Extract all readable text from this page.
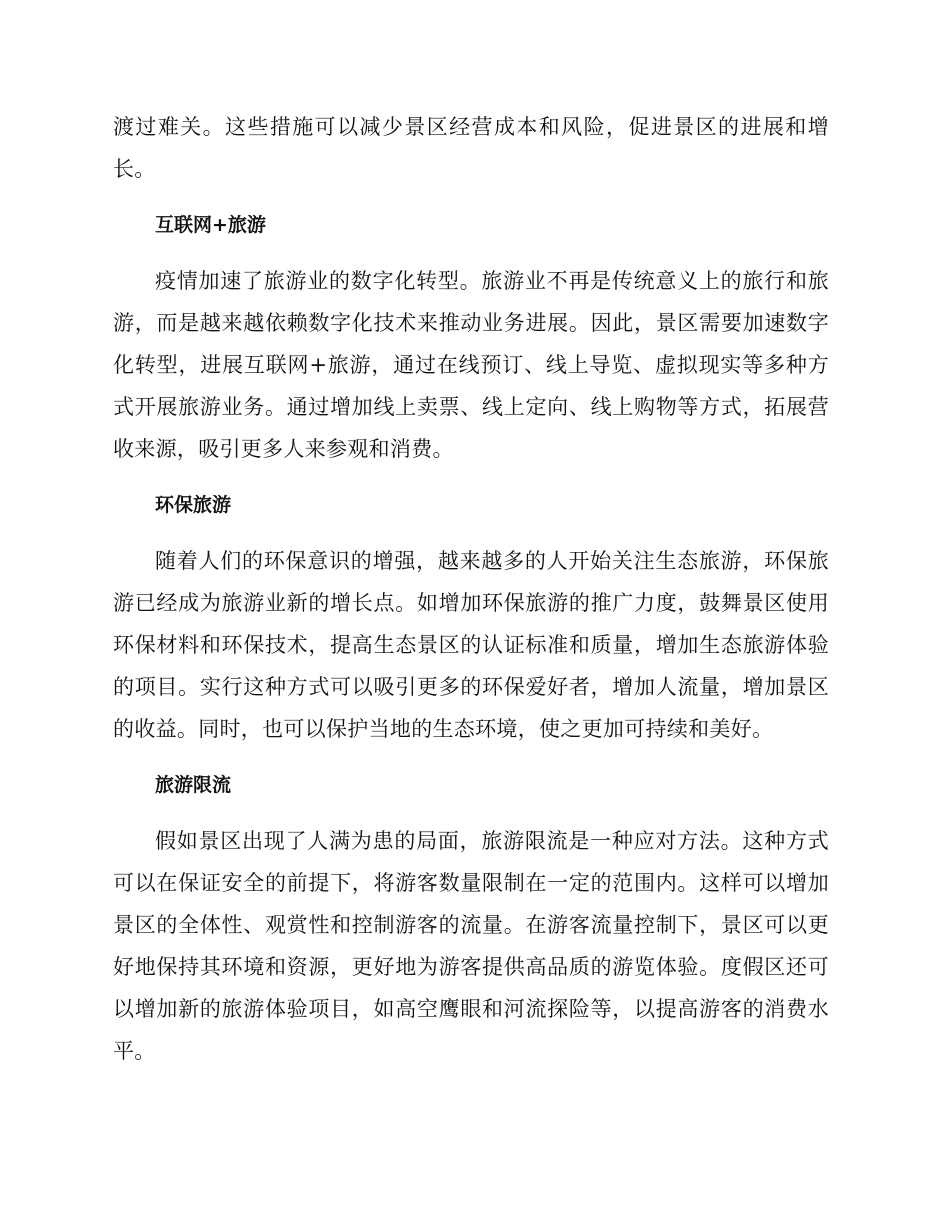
渡过难关。这些措施可以减少景区经营成本和风险，促进景区的进展和增长。

互联网+旅游

疫情加速了旅游业的数字化转型。旅游业不再是传统意义上的旅行和旅游，而是越来越依赖数字化技术来推动业务进展。因此，景区需要加速数字化转型，进展互联网+旅游，通过在线预订、线上导览、虚拟现实等多种方式开展旅游业务。通过增加线上卖票、线上定向、线上购物等方式，拓展营收来源，吸引更多人来参观和消费。

环保旅游

随着人们的环保意识的增强，越来越多的人开始关注生态旅游，环保旅游已经成为旅游业新的增长点。如增加环保旅游的推广力度，鼓舞景区使用环保材料和环保技术，提高生态景区的认证标准和质量，增加生态旅游体验的项目。实行这种方式可以吸引更多的环保爱好者，增加人流量，增加景区的收益。同时，也可以保护当地的生态环境，使之更加可持续和美好。

旅游限流

假如景区出现了人满为患的局面，旅游限流是一种应对方法。这种方式可以在保证安全的前提下，将游客数量限制在一定的范围内。这样可以增加景区的全体性、观赏性和控制游客的流量。在游客流量控制下，景区可以更好地保持其环境和资源，更好地为游客提供高品质的游览体验。度假区还可以增加新的旅游体验项目，如高空鹰眼和河流探险等，以提高游客的消费水平。
